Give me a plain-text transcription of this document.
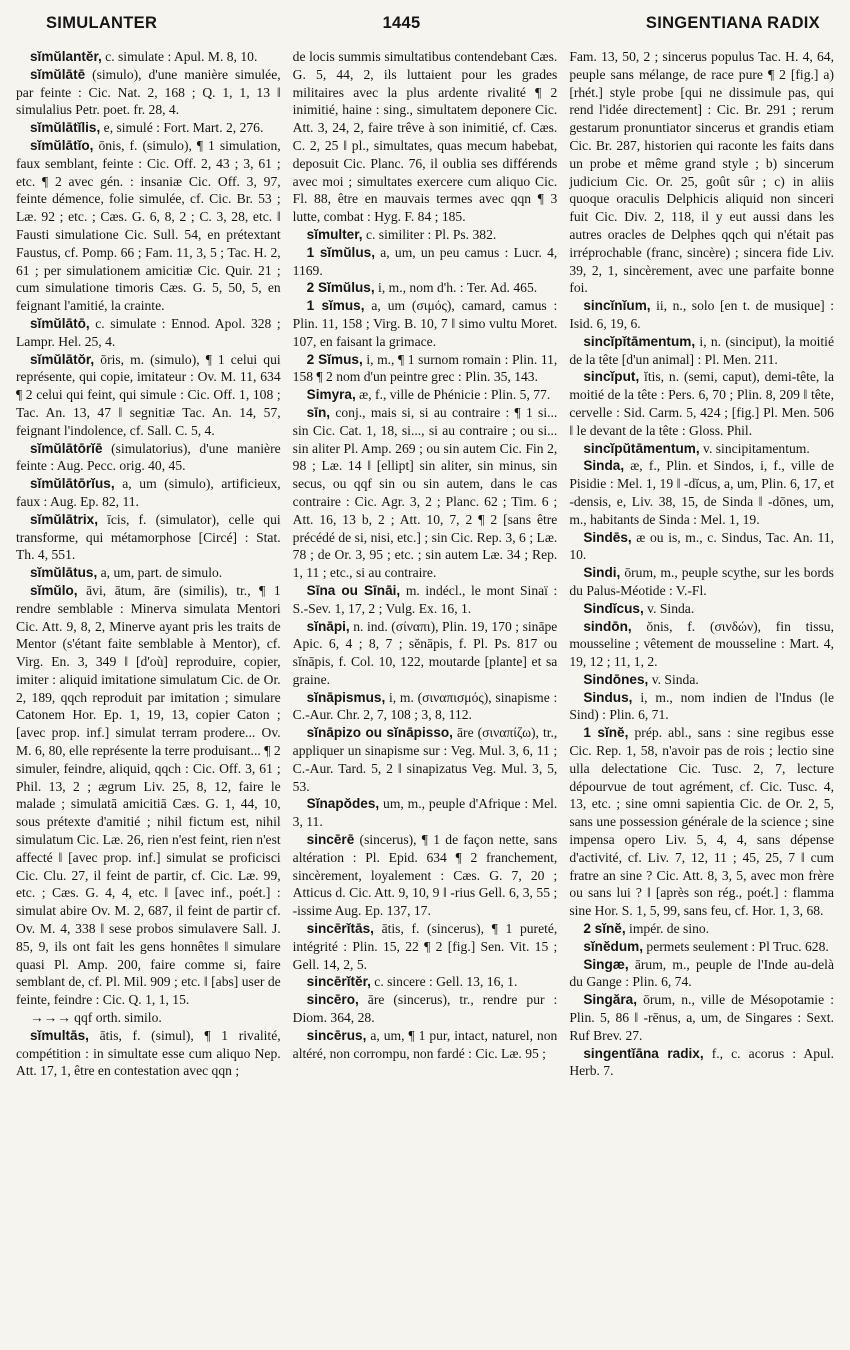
SIMULANTER	1445	SINGENTIANA RADIX

sĭmŭlantĕr, c. simulate : Apul. M. 8, 10.

sĭmŭlātē (simulo), d'une manière simulée, par feinte : Cic. Nat. 2, 168 ; Q. 1, 1, 13 ‖ simulalius Petr. poet. fr. 28, 4.

sĭmŭlātĭlis, e, simulé : Fort. Mart. 2, 276.

sĭmŭlātĭo, ōnis, f. (simulo), ¶ 1 simulation, faux semblant, feinte : Cic. Off. 2, 43 ; 3, 61 ; etc. ¶ 2 avec gén. : insaniæ Cic. Off. 3, 97, feinte démence, folie simulée, cf. Cic. Br. 53 ; Læ. 92 ; etc. ; Cæs. G. 6, 8, 2 ; C. 3, 28, etc. ‖ Fausti simulatione Cic. Sull. 54, en prétextant Faustus, cf. Pomp. 66 ; Fam. 11, 3, 5 ; Tac. H. 2, 61 ; per simulationem amicitiæ Cic. Quir. 21 ; cum simulatione timoris Cæs. G. 5, 50, 5, en feignant l'amitié, la crainte.

sĭmŭlātō, c. simulate : Ennod. Apol. 328 ; Lampr. Hel. 25, 4.

sĭmŭlātŏr, ōris, m. (simulo), ¶ 1 celui qui représente, qui copie, imitateur : Ov. M. 11, 634 ¶ 2 celui qui feint, qui simule : Cic. Off. 1, 108 ; Tac. An. 13, 47 ‖ segnitiæ Tac. An. 14, 57, feignant l'indolence, cf. Sall. C. 5, 4.

sĭmŭlātōrĭē (simulatorius), d'une manière feinte : Aug. Pecc. orig. 40, 45.

sĭmŭlātōrĭus, a, um (simulo), artificieux, faux : Aug. Ep. 82, 11.

sĭmŭlātrix, īcis, f. (simulator), celle qui transforme, qui métamorphose [Circé] : Stat. Th. 4, 551.

sĭmŭlātus, a, um, part. de simulo.

sĭmŭlo, āvi, ātum, āre (similis), tr., ¶ 1 rendre semblable : Minerva simulata Mentori Cic. Att. 9, 8, 2, Minerve ayant pris les traits de Mentor (s'étant faite semblable à Mentor), cf. Virg. En. 3, 349 ‖ [d'où] reproduire, copier, imiter : aliquid imitatione simulatum Cic. de Or. 2, 189, qqch reproduit par imitation ; simulare Catonem Hor. Ep. 1, 19, 13, copier Caton ; [avec prop. inf.] simulat terram prodere... Ov. M. 6, 80, elle représente la terre produisant... ¶ 2 simuler, feindre, aliquid, qqch : Cic. Off. 3, 61 ; Phil. 13, 2 ; ægrum Liv. 25, 8, 12, faire le malade ; simulatā amicitiā Cæs. G. 1, 44, 10, sous prétexte d'amitié ; nihil fictum est, nihil simulatum Cic. Læ. 26, rien n'est feint, rien n'est affecté ‖ [avec prop. inf.] simulat se proficisci Cic. Clu. 27, il feint de partir, cf. Cic. Læ. 99, etc. ; Cæs. G. 4, 4, etc. ‖ [avec inf., poét.] : simulat abire Ov. M. 2, 687, il feint de partir cf. Ov. M. 4, 338 ‖ sese probos simulavere Sall. J. 85, 9, ils ont fait les gens honnêtes ‖ simulare quasi Pl. Amp. 200, faire comme si, faire semblant de, cf. Pl. Mil. 909 ; etc. ‖ [abs] user de feinte, feindre : Cic. Q. 1, 1, 15.

→→→ qqf orth. similo.

sĭmultās, ātis, f. (simul), ¶ 1 rivalité, compétition : in simultate esse cum aliquo Nep. Att. 17, 1, être en contestation avec qqn ;

de locis summis simultatibus contendebant Cæs. G. 5, 44, 2, ils luttaient pour les grades militaires avec la plus ardente rivalité ¶ 2 inimitié, haine : sing., simultatem deponere Cic. Att. 3, 24, 2, faire trêve à son inimitié, cf. Cæs. C. 2, 25 ‖ pl., simultates, quas mecum habebat, deposuit Cic. Planc. 76, il oublia ses différends avec moi ; simultates exercere cum aliquo Cic. Fl. 88, être en mauvais termes avec qqn ¶ 3 lutte, combat : Hyg. F. 84 ; 185.

sĭmulter, c. similiter : Pl. Ps. 382.

1 sĭmŭlus, a, um, un peu camus : Lucr. 4, 1169.

2 Sĭmŭlus, i, m., nom d'h. : Ter. Ad. 465.

1 sĭmus, a, um (σιμός), camard, camus : Plin. 11, 158 ; Virg. B. 10, 7 ‖ simo vultu Moret. 107, en faisant la grimace.

2 Sĭmus, i, m., ¶ 1 surnom romain : Plin. 11, 158 ¶ 2 nom d'un peintre grec : Plin. 35, 143.

Simyra, æ, f., ville de Phénicie : Plin. 5, 77.

sīn, conj., mais si, si au contraire : ¶ 1 si... sin Cic. Cat. 1, 18, si..., si au contraire ; ou si... sin aliter Pl. Amp. 269 ; ou sin autem Cic. Fin 2, 98 ; Læ. 14 ‖ [ellipt] sin aliter, sin minus, sin secus, ou qqf sin ou sin autem, dans le cas contraire : Cic. Agr. 3, 2 ; Planc. 62 ; Tim. 6 ; Att. 16, 13 b, 2 ; Att. 10, 7, 2 ¶ 2 [sans être précédé de si, nisi, etc.] ; sin Cic. Rep. 3, 6 ; Læ. 78 ; de Or. 3, 95 ; etc. ; sin autem Læ. 34 ; Rep. 1, 11 ; etc., si au contraire.

Sīna ou Sīnāi, m. indécl., le mont Sinaï : S.-Sev. 1, 17, 2 ; Vulg. Ex. 16, 1.

sĭnāpi, n. ind. (σίναπι), Plin. 19, 170 ; sināpe Apic. 6, 4 ; 8, 7 ; sĕnāpis, f. Pl. Ps. 817 ou sĭnāpis, f. Col. 10, 122, moutarde [plante] et sa graine.

sĭnāpismus, i, m. (σιναπισμός), sinapisme : C.-Aur. Chr. 2, 7, 108 ; 3, 8, 112.

sĭnāpizo ou sĭnāpisso, āre (σιναπίζω), tr., appliquer un sinapisme sur : Veg. Mul. 3, 6, 11 ; C.-Aur. Tard. 5, 2 ‖ sinapizatus Veg. Mul. 3, 5, 53.

Sĭnapŏdes, um, m., peuple d'Afrique : Mel. 3, 11.

sincērē (sincerus), ¶ 1 de façon nette, sans altération : Pl. Epid. 634 ¶ 2 franchement, sincèrement, loyalement : Cæs. G. 7, 20 ; Atticus d. Cic. Att. 9, 10, 9 ‖ -rius Gell. 6, 3, 55 ; -issime Aug. Ep. 137, 17.

sincērĭtās, ātis, f. (sincerus), ¶ 1 pureté, intégrité : Plin. 15, 22 ¶ 2 [fig.] Sen. Vit. 15 ; Gell. 14, 2, 5.

sincērĭtĕr, c. sincere : Gell. 13, 16, 1.

sincēro, āre (sincerus), tr., rendre pur : Diom. 364, 28.

sincērus, a, um, ¶ 1 pur, intact, naturel, non altéré, non corrompu, non fardé : Cic. Læ. 95 ;

Fam. 13, 50, 2 ; sincerus populus Tac. H. 4, 64, peuple sans mélange, de race pure ¶ 2 [fig.] a) [rhét.] style probe [qui ne dissimule pas, qui rend l'idée directement] : Cic. Br. 291 ; rerum gestarum pronuntiator sincerus et grandis etiam Cic. Br. 287, historien qui raconte les faits dans un probe et même grand style ; b) sincerum judicium Cic. Or. 25, goût sûr ; c) in aliis quoque oraculis Delphicis aliquid non sinceri fuit Cic. Div. 2, 118, il y eut aussi dans les autres oracles de Delphes qqch qui n'était pas irréprochable (franc, sincère) ; sincera fide Liv. 39, 2, 1, sincèrement, avec une parfaite bonne foi.

sincĭnĭum, ii, n., solo [en t. de musique] : Isid. 6, 19, 6.

sincĭpĭtāmentum, i, n. (sinciput), la moitié de la tête [d'un animal] : Pl. Men. 211.

sincĭput, ĭtis, n. (semi, caput), demi-tête, la moitié de la tête : Pers. 6, 70 ; Plin. 8, 209 ‖ tête, cervelle : Sid. Carm. 5, 424 ; [fig.] Pl. Men. 506 ‖ le devant de la tête : Gloss. Phil.

sincĭpŭtāmentum, v. sincipitamentum.

Sinda, æ, f., Plin. et Sindos, i, f., ville de Pisidie : Mel. 1, 19 ‖ -dĭcus, a, um, Plin. 6, 17, et -densis, e, Liv. 38, 15, de Sinda ‖ -dōnes, um, m., habitants de Sinda : Mel. 1, 19.

Sindēs, æ ou is, m., c. Sindus, Tac. An. 11, 10.

Sindi, ōrum, m., peuple scythe, sur les bords du Palus-Méotide : V.-Fl.

Sindĭcus, v. Sinda.

sindōn, ŏnis, f. (σινδών), fin tissu, mousseline ; vêtement de mousseline : Mart. 4, 19, 12 ; 11, 1, 2.

Sindōnes, v. Sinda.

Sindus, i, m., nom indien de l'Indus (le Sind) : Plin. 6, 71.

1 sĭnĕ, prép. abl., sans : sine regibus esse Cic. Rep. 1, 58, n'avoir pas de rois ; lectio sine ulla delectatione Cic. Tusc. 2, 7, lecture dépourvue de tout agrément, cf. Cic. Tusc. 4, 13, etc. ; sine omni sapientia Cic. de Or. 2, 5, sans une possession générale de la science ; sine impensa opero Liv. 5, 4, 4, sans dépense d'activité, cf. Liv. 7, 12, 11 ; 45, 25, 7 ‖ cum fratre an sine ? Cic. Att. 8, 3, 5, avec mon frère ou sans lui ? ‖ [après son rég., poét.] : flamma sine Hor. S. 1, 5, 99, sans feu, cf. Hor. 1, 3, 68.

2 sĭnĕ, impér. de sino.

sĭnĕdum, permets seulement : Pl Truc. 628.

Singæ, ārum, m., peuple de l'Inde au-delà du Gange : Plin. 6, 74.

Singăra, ōrum, n., ville de Mésopotamie : Plin. 5, 86 ‖ -rēnus, a, um, de Singares : Sext. Ruf Brev. 27.

singentĭāna radix, f., c. acorus : Apul. Herb. 7.
